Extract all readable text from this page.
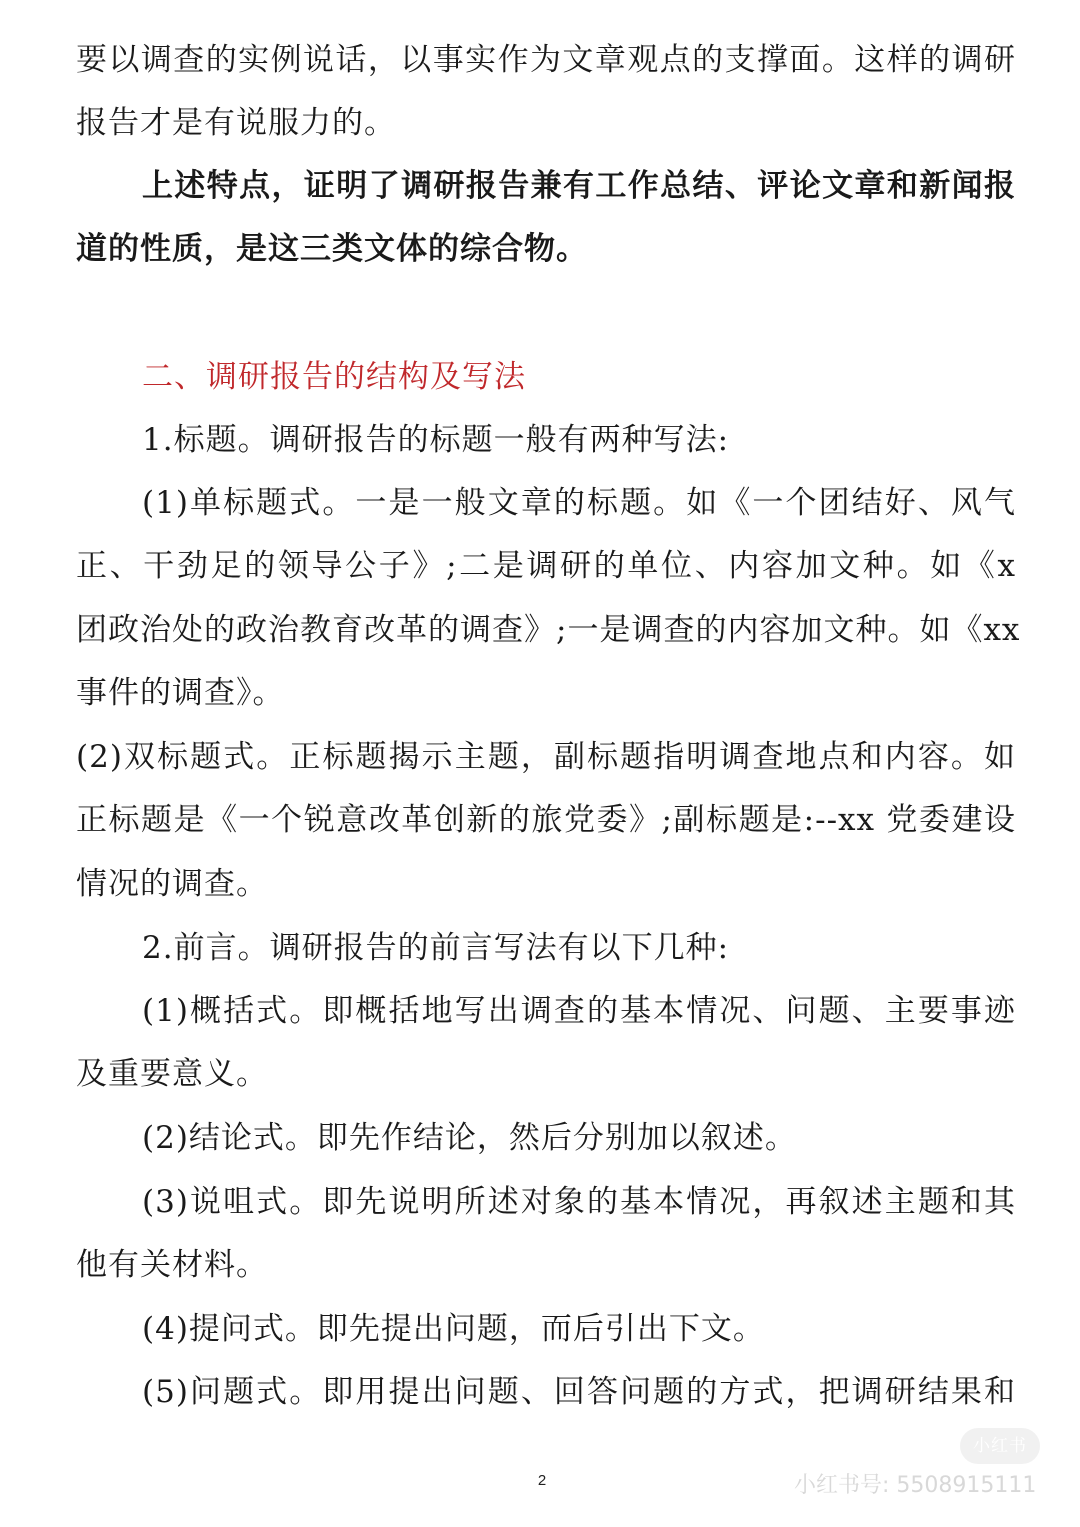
要以调查的实例说话，以事实作为文章观点的支撑面。这样的调研
报告才是有说服力的。
上述特点，证明了调研报告兼有工作总结、评论文章和新闻报
道的性质，是这三类文体的综合物。
二、调研报告的结构及写法
1.标题。调研报告的标题一般有两种写法:
(1)单标题式。一是一般文章的标题。如《一个团结好、风气
正、干劲足的领导公子》;二是调研的单位、内容加文种。如《x
团政治处的政治教育改革的调查》;一是调查的内容加文种。如《xx
事件的调查》。
(2)双标题式。正标题揭示主题，副标题指明调查地点和内容。如
正标题是《一个锐意改革创新的旅党委》;副标题是:--xx 党委建设
情况的调查。
2.前言。调研报告的前言写法有以下几种:
(1)概括式。即概括地写出调查的基本情况、问题、主要事迹
及重要意义。
(2)结论式。即先作结论，然后分别加以叙述。
(3)说咀式。即先说明所述对象的基本情况，再叙述主题和其
他有关材料。
(4)提问式。即先提出问题，而后引出下文。
(5)问题式。即用提出问题、回答问题的方式，把调研结果和
2
小红书
小红书号: 5508915111
